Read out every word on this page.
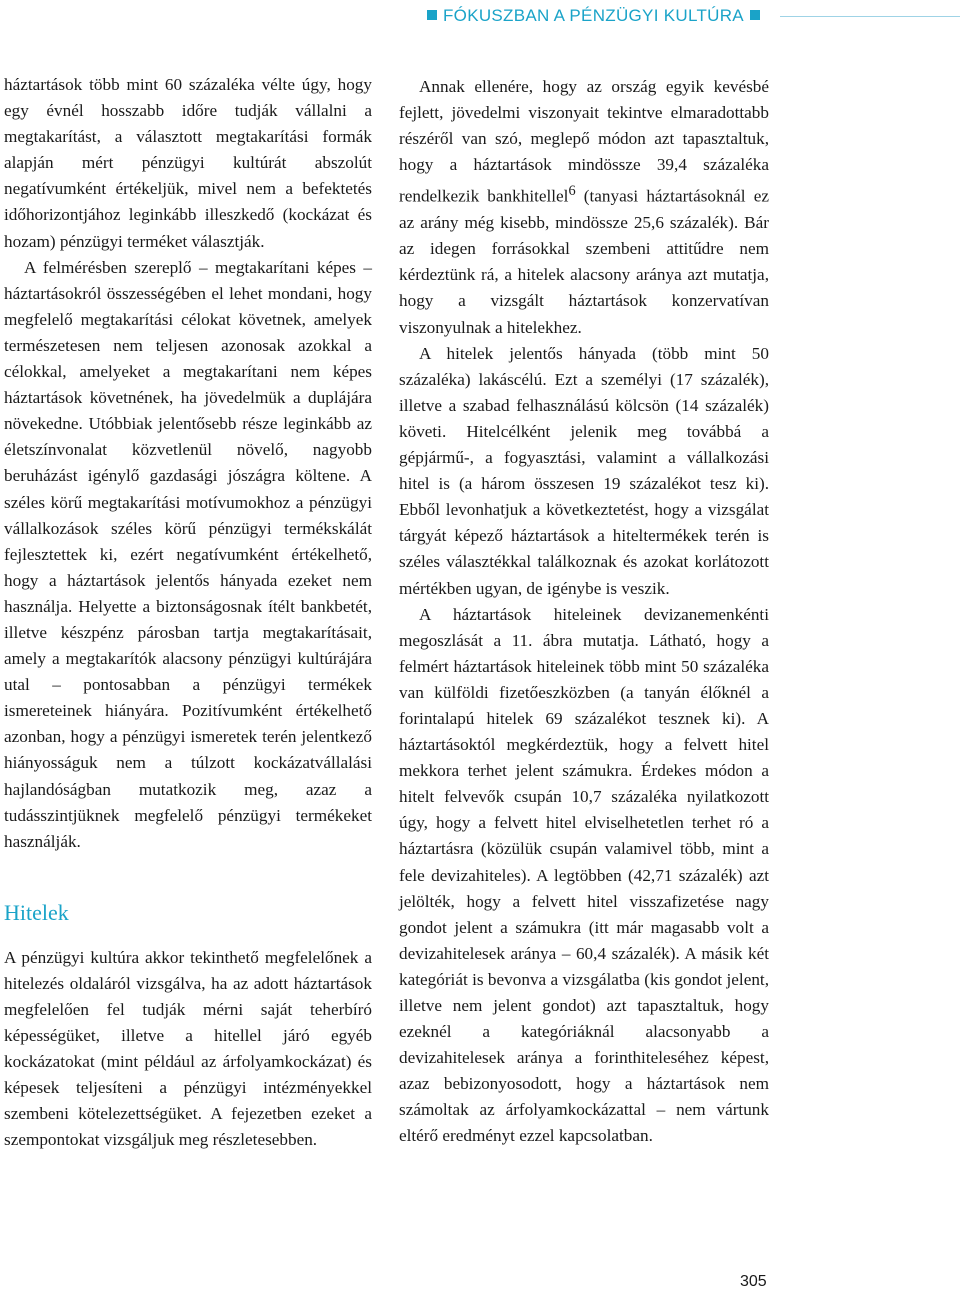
FÓKUSZBAN A PÉNZÜGYI KULTÚRA

háztartások több mint 60 százaléka vélte úgy, hogy egy évnél hosszabb időre tudják vállalni a megtakarítást, a választott megtakarítási formák alapján mért pénzügyi kultúrát abszolút negatívumként értékeljük, mivel nem a befektetés időhorizontjához leginkább illeszkedő (kockázat és hozam) pénzügyi terméket választják.

A felmérésben szereplő – megtakarítani képes – háztartásokról összességében el lehet mondani, hogy megfelelő megtakarítási célokat követnek, amelyek természetesen nem teljesen azonosak azokkal a célokkal, amelyeket a megtakarítani nem képes háztartások követnének, ha jövedelmük a duplájára növekedne. Utóbbiak jelentősebb része leginkább az életszínvonalat közvetlenül növelő, nagyobb beruházást igénylő gazdasági jószágra költene. A széles körű megtakarítási motívumokhoz a pénzügyi vállalkozások széles körű pénzügyi termékskálát fejlesztettek ki, ezért negatívumként értékelhető, hogy a háztartások jelentős hányada ezeket nem használja. Helyette a biztonságosnak ítélt bankbetét, illetve készpénz párosban tartja megtakarításait, amely a megtakarítók alacsony pénzügyi kultúrájára utal – pontosabban a pénzügyi termékek ismereteinek hiányára. Pozitívumként értékelhető azonban, hogy a pénzügyi ismeretek terén jelentkező hiányosságuk nem a túlzott kockázatvállalási hajlandóságban mutatkozik meg, azaz a tudásszintjüknek megfelelő pénzügyi termékeket használják.

Hitelek

A pénzügyi kultúra akkor tekinthető megfelelőnek a hitelezés oldaláról vizsgálva, ha az adott háztartások megfelelően fel tudják mérni saját teherbíró képességüket, illetve a hitellel járó egyéb kockázatokat (mint például az árfolyamkockázat) és képesek teljesíteni a pénzügyi intézményekkel szembeni kötelezettségüket. A fejezetben ezeket a szempontokat vizsgáljuk meg részletesebben.

Annak ellenére, hogy az ország egyik kevésbé fejlett, jövedelmi viszonyait tekintve elmaradottabb részéről van szó, meglepő módon azt tapasztaltuk, hogy a háztartások mindössze 39,4 százaléka rendelkezik bankhitellel$^6$ (tanyasi háztartásoknál ez az arány még kisebb, mindössze 25,6 százalék). Bár az idegen forrásokkal szembeni attitűdre nem kérdeztünk rá, a hitelek alacsony aránya azt mutatja, hogy a vizsgált háztartások konzervatívan viszonyulnak a hitelekhez.

A hitelek jelentős hányada (több mint 50 százaléka) lakáscélú. Ezt a személyi (17 százalék), illetve a szabad felhasználású kölcsön (14 százalék) követi. Hitelcélként jelenik meg továbbá a gépjármű-, a fogyasztási, valamint a vállalkozási hitel is (a három összesen 19 százalékot tesz ki). Ebből levonhatjuk a következtetést, hogy a vizsgálat tárgyát képező háztartások a hiteltermékek terén is széles választékkal találkoznak és azokat korlátozott mértékben ugyan, de igénybe is veszik.

A háztartások hiteleinek devizanemenkénti megoszlását a 11. ábra mutatja. Látható, hogy a felmért háztartások hiteleinek több mint 50 százaléka van külföldi fizetőeszközben (a tanyán élőknél a forintalapú hitelek 69 százalékot tesznek ki). A háztartásoktól megkérdeztük, hogy a felvett hitel mekkora terhet jelent számukra. Érdekes módon a hitelt felvevők csupán 10,7 százaléka nyilatkozott úgy, hogy a felvett hitel elviselhetetlen terhet ró a háztartásra (közülük csupán valamivel több, mint a fele devizahiteles). A legtöbben (42,71 százalék) azt jelölték, hogy a felvett hitel visszafizetése nagy gondot jelent a számukra (itt már magasabb volt a devizahitelesek aránya – 60,4 százalék). A másik két kategóriát is bevonva a vizsgálatba (kis gondot jelent, illetve nem jelent gondot) azt tapasztaltuk, hogy ezeknél a kategóriáknál alacsonyabb a devizahitelesek aránya a forinthiteleséhez képest, azaz bebizonyosodott, hogy a háztartások nem számoltak az árfolyamkockázattal – nem vártunk eltérő eredményt ezzel kapcsolatban.

305
